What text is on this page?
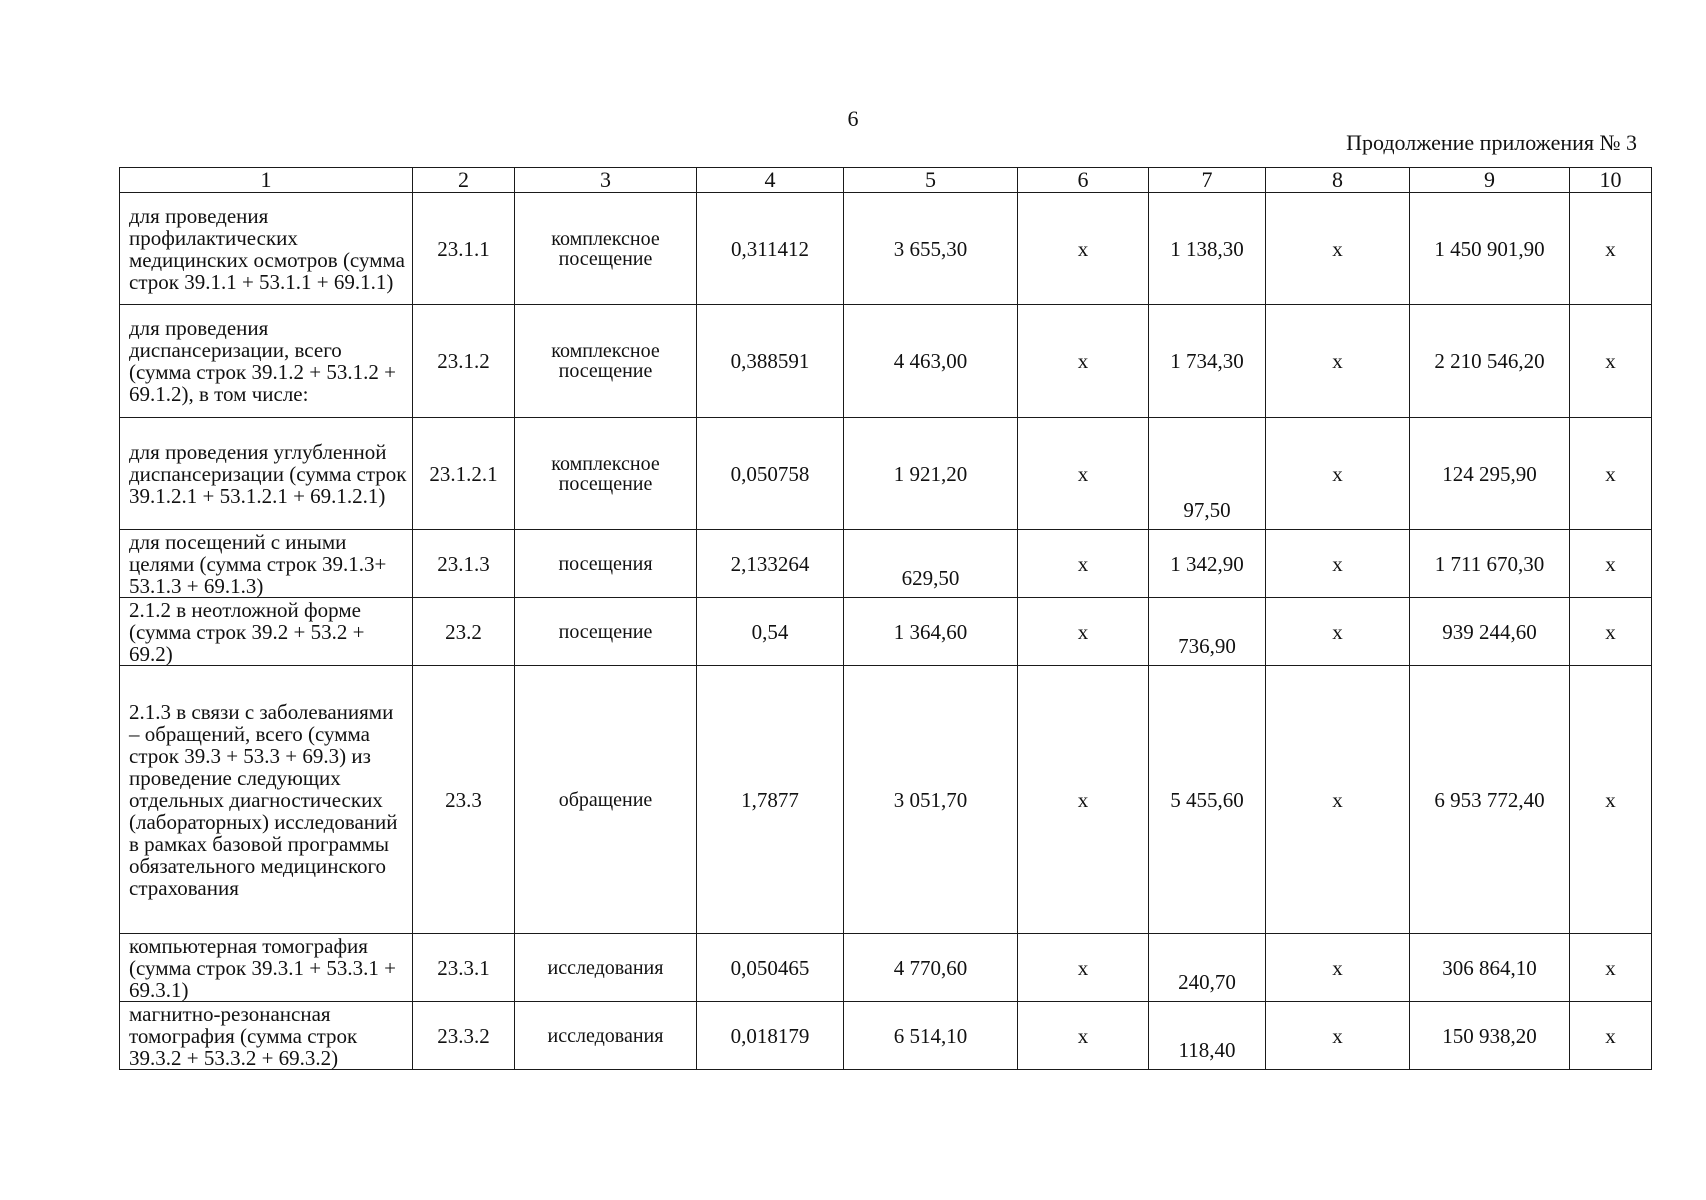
6
Продолжение приложения № 3
1	2	3	4	5	6	7	8	9	10
для проведения профилактических медицинских осмотров (сумма строк 39.1.1 + 53.1.1 + 69.1.1)	23.1.1	комплексное посещение	0,311412	3 655,30	х	1 138,30	х	1 450 901,90	х
для проведения диспансеризации, всего (сумма строк 39.1.2 + 53.1.2 + 69.1.2), в том числе:	23.1.2	комплексное посещение	0,388591	4 463,00	х	1 734,30	х	2 210 546,20	х
для проведения углубленной диспансеризации (сумма строк 39.1.2.1 + 53.1.2.1 + 69.1.2.1)	23.1.2.1	комплексное посещение	0,050758	1 921,20	х	97,50	х	124 295,90	х
для посещений с иными целями (сумма строк 39.1.3+ 53.1.3 + 69.1.3)	23.1.3	посещения	2,133264	629,50	х	1 342,90	х	1 711 670,30	х
2.1.2 в неотложной форме (сумма строк 39.2 + 53.2 + 69.2)	23.2	посещение	0,54	1 364,60	х	736,90	х	939 244,60	х
2.1.3 в связи с заболеваниями – обращений, всего (сумма строк 39.3 + 53.3 + 69.3) из проведение следующих отдельных диагностических (лабораторных) исследований в рамках базовой программы обязательного медицинского страхования	23.3	обращение	1,7877	3 051,70	х	5 455,60	х	6 953 772,40	х
компьютерная томография (сумма строк 39.3.1 + 53.3.1 + 69.3.1)	23.3.1	исследования	0,050465	4 770,60	х	240,70	х	306 864,10	х
магнитно-резонансная томография (сумма строк 39.3.2 + 53.3.2 + 69.3.2)	23.3.2	исследования	0,018179	6 514,10	х	118,40	х	150 938,20	х
